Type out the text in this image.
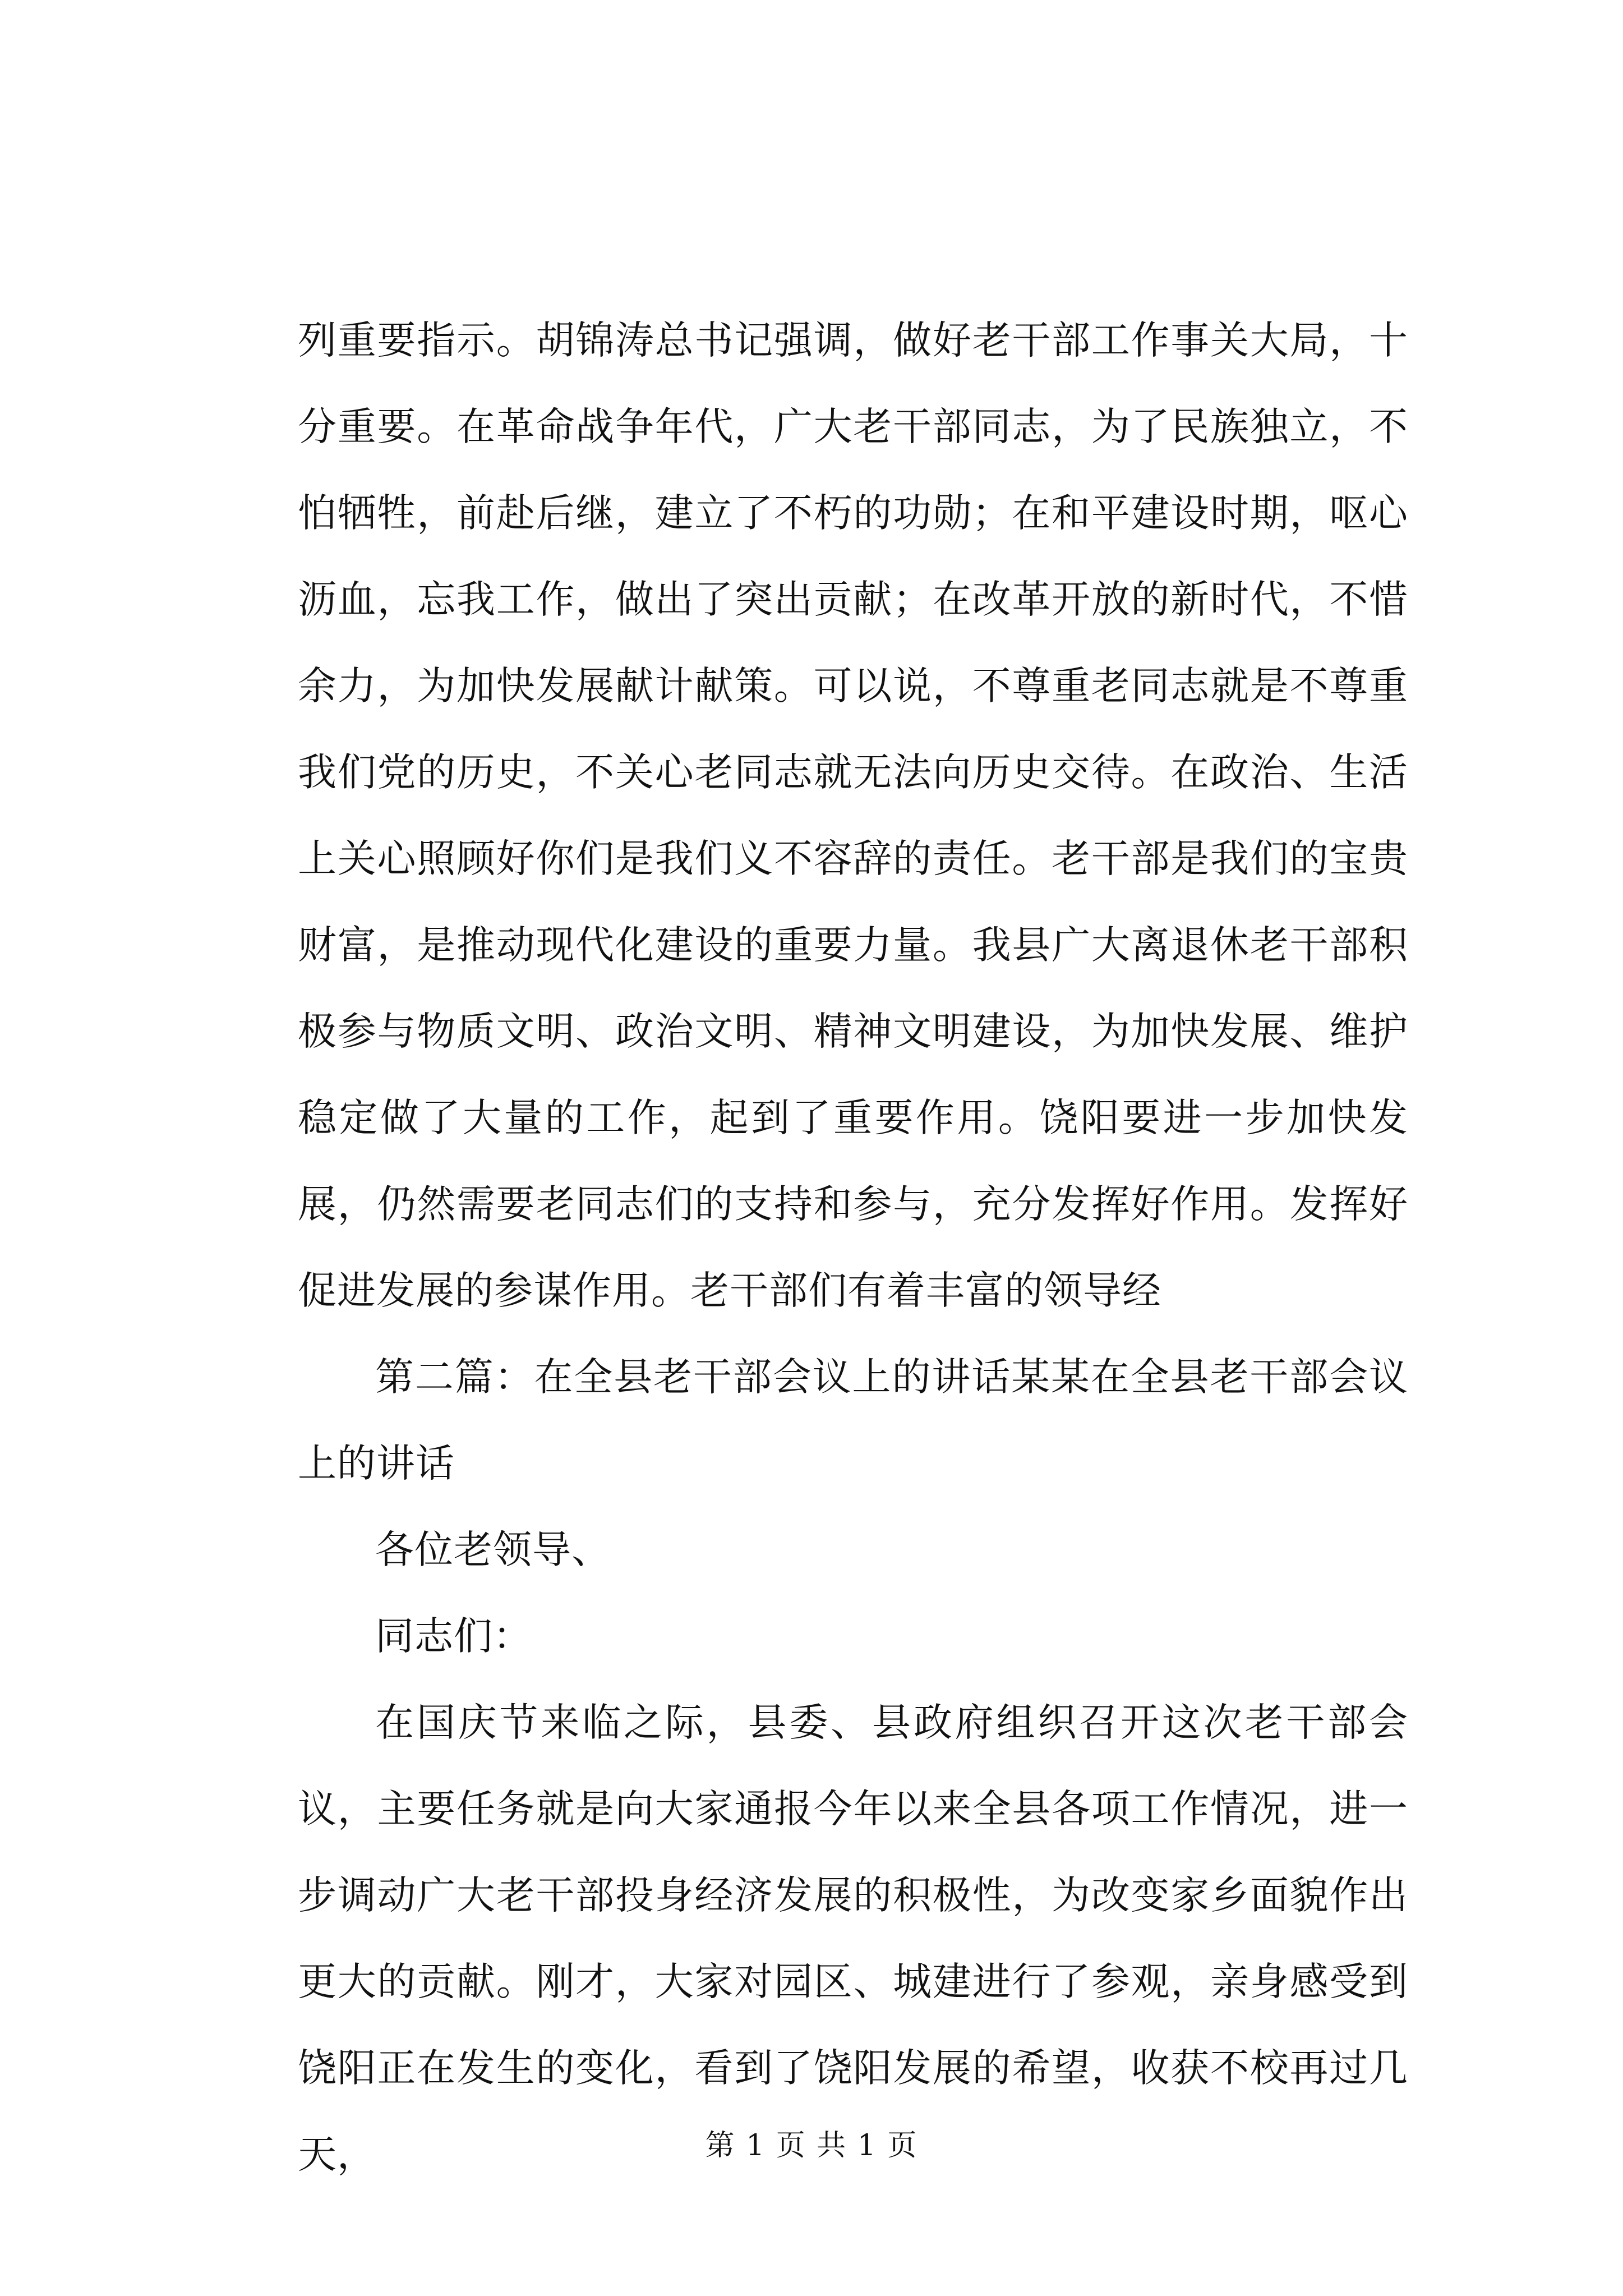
列重要指示。胡锦涛总书记强调，做好老干部工作事关大局，十分重要。在革命战争年代，广大老干部同志，为了民族独立，不怕牺牲，前赴后继，建立了不朽的功勋；在和平建设时期，呕心沥血，忘我工作，做出了突出贡献；在改革开放的新时代，不惜余力，为加快发展献计献策。可以说，不尊重老同志就是不尊重我们党的历史，不关心老同志就无法向历史交待。在政治、生活上关心照顾好你们是我们义不容辞的责任。老干部是我们的宝贵财富，是推动现代化建设的重要力量。我县广大离退休老干部积极参与物质文明、政治文明、精神文明建设，为加快发展、维护稳定做了大量的工作，起到了重要作用。饶阳要进一步加快发展，仍然需要老同志们的支持和参与，充分发挥好作用。发挥好促进发展的参谋作用。老干部们有着丰富的领导经

第二篇：在全县老干部会议上的讲话某某在全县老干部会议上的讲话

各位老领导、

同志们：

在国庆节来临之际，县委、县政府组织召开这次老干部会议，主要任务就是向大家通报今年以来全县各项工作情况，进一步调动广大老干部投身经济发展的积极性，为改变家乡面貌作出更大的贡献。刚才，大家对园区、城建进行了参观，亲身感受到饶阳正在发生的变化，看到了饶阳发展的希望，收获不校再过几天，	第 1 页 共 1 页
